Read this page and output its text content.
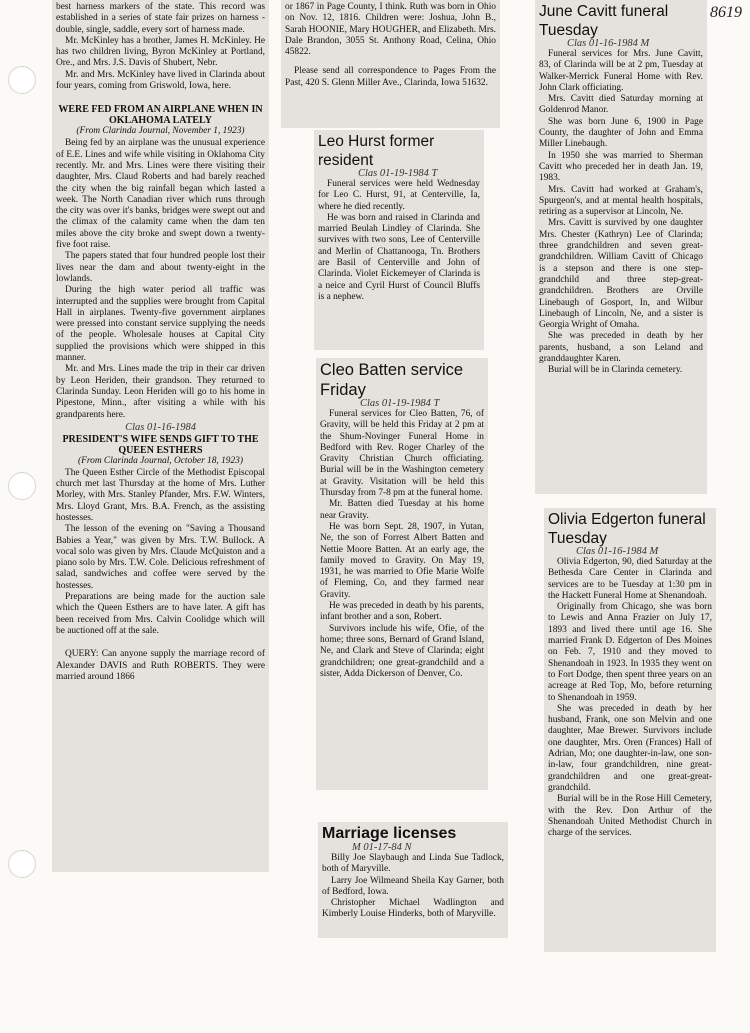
8619

best harness markers of the state. This record was established in a series of state fair prizes on harness - double, single, saddle, every sort of harness made.

Mr. McKinley has a brother, James H. McKinley. He has two children living, Byron McKinley at Portland, Ore., and Mrs. J.S. Davis of Shubert, Nebr.

Mr. and Mrs. McKinley have lived in Clarinda about four years, coming from Griswold, Iowa, here.

WERE FED FROM AN AIRPLANE WHEN IN OKLAHOMA LATELY
(From Clarinda Journal, November 1, 1923)

Being fed by an airplane was the unusual experience of E.E. Lines and wife while visiting in Oklahoma City recently. Mr. and Mrs. Lines were there visiting their daughter, Mrs. Claud Roberts and had barely reached the city when the big rainfall began which lasted a week. The North Canadian river which runs through the city was over it's banks, bridges were swept out and the climax of the calamity came when the dam ten miles above the city broke and swept down a twenty-five foot raise.

The papers stated that four hundred people lost their lives near the dam and about twenty-eight in the lowlands.

During the high water period all traffic was interrupted and the supplies were brought from Capital Hall in airplanes. Twenty-five government airplanes were pressed into constant service supplying the needs of the people. Wholesale houses at Capital City supplied the provisions which were shipped in this manner.

Mr. and Mrs. Lines made the trip in their car driven by Leon Heriden, their grandson. They returned to Clarinda Sunday. Leon Heriden will go to his home in Pipestone, Minn., after visiting a while with his grandparents here.

Clas 01-16-1984
PRESIDENT'S WIFE SENDS GIFT TO THE QUEEN ESTHERS
(From Clarinda Journal, October 18, 1923)

The Queen Esther Circle of the Methodist Episcopal church met last Thursday at the home of Mrs. Luther Morley, with Mrs. Stanley Pfander, Mrs. F.W. Winters, Mrs. Lloyd Grant, Mrs. B.A. French, as the assisting hostesses.

The lesson of the evening on "Saving a Thousand Babies a Year," was given by Mrs. T.W. Bullock. A vocal solo was given by Mrs. Claude McQuiston and a piano solo by Mrs. T.W. Cole. Delicious refreshment of salad, sandwiches and coffee were served by the hostesses.

Preparations are being made for the auction sale which the Queen Esthers are to have later. A gift has been received from Mrs. Calvin Coolidge which will be auctioned off at the sale.

QUERY: Can anyone supply the marriage record of Alexander DAVIS and Ruth ROBERTS. They were married around 1866

or 1867 in Page County, I think. Ruth was born in Ohio on Nov. 12, 1816. Children were: Joshua, John B., Sarah HOONIE, Mary HOUGHER, and Elizabeth. Mrs. Dale Brandon, 3055 St. Anthony Road, Celina, Ohio 45822.

Please send all correspondence to Pages From the Past, 420 S. Glenn Miller Ave., Clarinda, Iowa 51632.

Leo Hurst former resident
Clas 01-19-1984 T

Funeral services were held Wednesday for Leo C. Hurst, 91, at Centerville, Ia, where he died recently.

He was born and raised in Clarinda and married Beulah Lindley of Clarinda. She survives with two sons, Lee of Centerville and Merlin of Chattanooga, Tn. Brothers are Basil of Centerville and John of Clarinda. Violet Eickemeyer of Clarinda is a neice and Cyril Hurst of Council Bluffs is a nephew.

Cleo Batten service Friday
Clas 01-19-1984 T

Funeral services for Cleo Batten, 76, of Gravity, will be held this Friday at 2 pm at the Shum-Novinger Funeral Home in Bedford with Rev. Roger Charley of the Gravity Christian Church officiating. Burial will be in the Washington cemetery at Gravity. Visitation will be held this Thursday from 7-8 pm at the funeral home.

Mr. Batten died Tuesday at his home near Gravity.

He was born Sept. 28, 1907, in Yutan, Ne, the son of Forrest Albert Batten and Nettie Moore Batten. At an early age, the family moved to Gravity. On May 19, 1931, he was married to Ofie Marie Wolfe of Fleming, Co, and they farmed near Gravity.

He was preceded in death by his parents, infant brother and a son, Robert.

Survivors include his wife, Ofie, of the home; three sons, Bernard of Grand Island, Ne, and Clark and Steve of Clarinda; eight grandchildren; one great-grandchild and a sister, Adda Dickerson of Denver, Co.

Marriage licenses
M 01-17-84 N

Billy Joe Slaybaugh and Linda Sue Tadlock, both of Maryville.

Larry Joe Wilmeand Sheila Kay Garner, both of Bedford, Iowa.

Christopher Michael Wadlington and Kimberly Louise Hinderks, both of Maryville.

June Cavitt funeral Tuesday
Clas 01-16-1984 M

Funeral services for Mrs. June Cavitt, 83, of Clarinda will be at 2 pm, Tuesday at Walker-Merrick Funeral Home with Rev. John Clark officiating.

Mrs. Cavitt died Saturday morning at Goldenrod Manor.

She was born June 6, 1900 in Page County, the daughter of John and Emma Miller Linebaugh.

In 1950 she was married to Sherman Cavitt who preceded her in death Jan. 19, 1983.

Mrs. Cavitt had worked at Graham's, Spurgeon's, and at mental health hospitals, retiring as a supervisor at Lincoln, Ne.

Mrs. Cavitt is survived by one daughter Mrs. Chester (Kathryn) Lee of Clarinda; three grandchildren and seven great-grandchildren. William Cavitt of Chicago is a stepson and there is one step-grandchild and three step-great-grandchildren. Brothers are Orville Linebaugh of Gosport, In, and Wilbur Linebaugh of Lincoln, Ne, and a sister is Georgia Wright of Omaha.

She was preceded in death by her parents, husband, a son Leland and granddaughter Karen.

Burial will be in Clarinda cemetery.

Olivia Edgerton funeral Tuesday
Clas 01-16-1984 M

Olivia Edgerton, 90, died Saturday at the Bethesda Care Center in Clarinda and services are to be Tuesday at 1:30 pm in the Hackett Funeral Home at Shenandoah.

Originally from Chicago, she was born to Lewis and Anna Frazier on July 17, 1893 and lived there until age 16. She married Frank D. Edgerton of Des Moines on Feb. 7, 1910 and they moved to Shenandoah in 1923. In 1935 they went on to Fort Dodge, then spent three years on an acreage at Red Top, Mo, before returning to Shenandoah in 1959.

She was preceded in death by her husband, Frank, one son Melvin and one daughter, Mae Brewer. Survivors include one daughter, Mrs. Oren (Frances) Hall of Adrian, Mo; one daughter-in-law, one son-in-law, four grandchildren, nine great-grandchildren and one great-great-grandchild.

Burial will be in the Rose Hill Cemetery, with the Rev. Don Arthur of the Shenandoah United Methodist Church in charge of the services.
